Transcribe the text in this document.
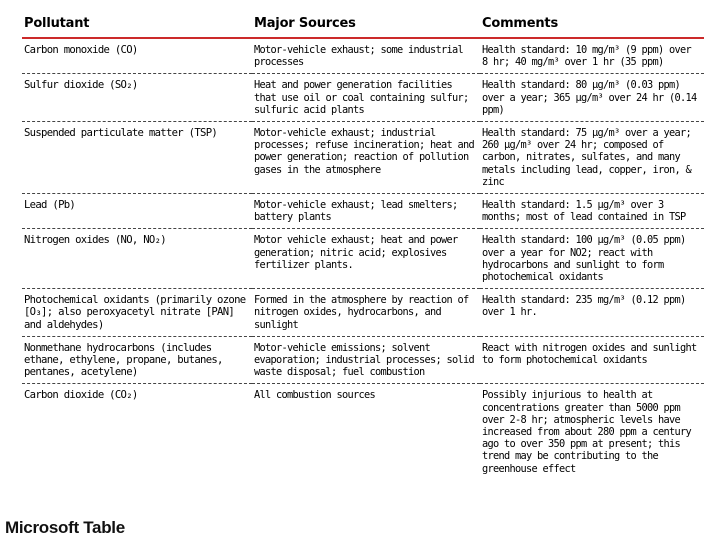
Pollutant	Major Sources	Comments
Carbon monoxide (CO)	Motor-vehicle exhaust; some industrial processes	Health standard: 10 mg/m³ (9 ppm) over 8 hr; 40 mg/m³ over 1 hr (35 ppm)
Sulfur dioxide (SO₂)	Heat and power generation facilities that use oil or coal containing sulfur; sulfuric acid plants	Health standard: 80 µg/m³ (0.03 ppm) over a year; 365 µg/m³ over 24 hr (0.14 ppm)
Suspended particulate matter (TSP)	Motor-vehicle exhaust; industrial processes; refuse incineration; heat and power generation; reaction of pollution gases in the atmosphere	Health standard: 75 µg/m³ over a year; 260 µg/m³ over 24 hr; composed of carbon, nitrates, sulfates, and many metals including lead, copper, iron, & zinc
Lead (Pb)	Motor-vehicle exhaust; lead smelters; battery plants	Health standard: 1.5 µg/m³ over 3 months; most of lead contained in TSP
Nitrogen oxides (NO, NO₂)	Motor vehicle exhaust; heat and power generation; nitric acid; explosives fertilizer plants.	Health standard: 100 µg/m³ (0.05 ppm) over a year for NO2; react with hydrocarbons and sunlight to form photochemical oxidants
Photochemical oxidants (primarily ozone [O₃]; also peroxyacetyl nitrate [PAN] and aldehydes)	Formed in the atmosphere by reaction of nitrogen oxides, hydrocarbons, and sunlight	Health standard: 235 mg/m³ (0.12 ppm) over 1 hr.
Nonmethane hydrocarbons (includes ethane, ethylene, propane, butanes, pentanes, acetylene)	Motor-vehicle emissions; solvent evaporation; industrial processes; solid waste disposal; fuel combustion	React with nitrogen oxides and sunlight to form photochemical oxidants
Carbon dioxide (CO₂)	All combustion sources	Possibly injurious to health at concentrations greater than 5000 ppm over 2-8 hr; atmospheric levels have increased from about 280 ppm a century ago to over 350 ppm at present; this trend may be contributing to the greenhouse effect
Microsoft Table
